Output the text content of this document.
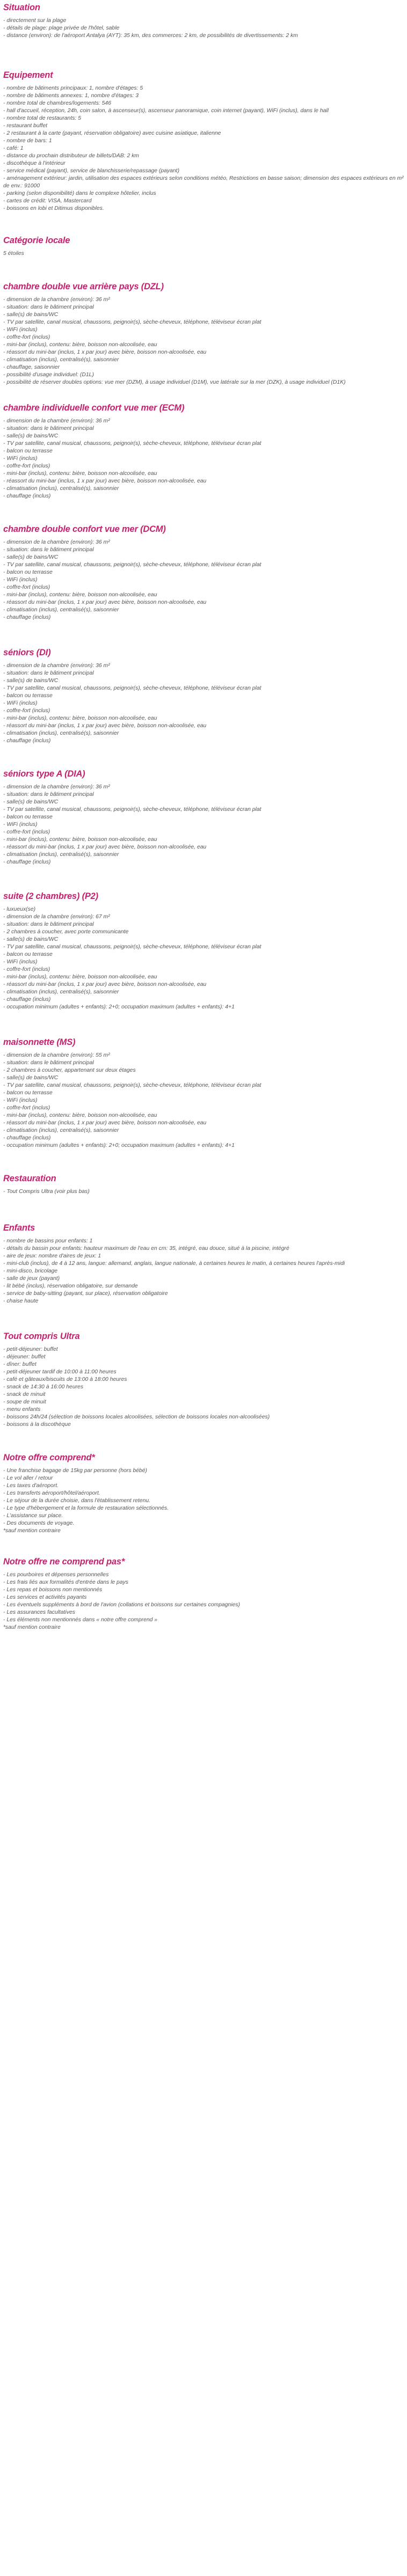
Situation

- directement sur la plage

- détails de plage: plage privée de l'hôtel, sable

- distance (environ): de l'aéroport Antalya (AYT): 35 km, des commerces: 2 km, de possibilités de divertissements: 2 km

Equipement

- nombre de bâtiments principaux: 1, nombre d'étages: 5

- nombre de bâtiments annexes: 1, nombre d'étages: 3

- nombre total de chambres/logements: 546

- hall d'accueil, réception, 24h, coin salon, à ascenseur(s), ascenseur panoramique, coin internet (payant), WiFi (inclus), dans le hall

- nombre total de restaurants: 5

- restaurant buffet

- 2 restaurant à la carte (payant, réservation obligatoire) avec cuisine asiatique, italienne

- nombre de bars: 1

- café: 1

- distance du prochain distributeur de billets/DAB: 2 km

- discothèque à l'intérieur

- service médical (payant), service de blanchisserie/repassage (payant)

- aménagement extérieur: jardin, utilisation des espaces extérieurs selon conditions météo, Restrictions en basse saison; dimension des espaces extérieurs en m² de env.: 91000

- parking (selon disponibilité) dans le complexe hôtelier, inclus

- cartes de crédit: VISA, Mastercard

- boissons en lobi et Ditimus disponibles.

Catégorie locale

5 étoiles

chambre double vue arrière pays (DZL)

- dimension de la chambre (environ): 36 m²

- situation: dans le bâtiment principal

- salle(s) de bains/WC

- TV par satellite, canal musical, chaussons, peignoir(s), sèche-cheveux, téléphone, téléviseur écran plat

- WiFi (inclus)

- coffre-fort (inclus)

- mini-bar (inclus), contenu: bière, boisson non-alcoolisée, eau

- réassort du mini-bar (inclus, 1 x par jour) avec bière, boisson non-alcoolisée, eau

- climatisation (inclus), centralisé(s), saisonnier

- chauffage, saisonnier

- possibilité d'usage individuel: (D1L)

- possibilité de réserver doubles options: vue mer (DZM), à usage individuel (D1M), vue latérale sur la mer (DZK), à usage individuel (D1K)

chambre individuelle confort vue mer (ECM)

- dimension de la chambre (environ): 36 m²

- situation: dans le bâtiment principal

- salle(s) de bains/WC

- TV par satellite, canal musical, chaussons, peignoir(s), sèche-cheveux, téléphone, téléviseur écran plat

- balcon ou terrasse

- WiFi (inclus)

- coffre-fort (inclus)

- mini-bar (inclus), contenu: bière, boisson non-alcoolisée, eau

- réassort du mini-bar (inclus, 1 x par jour) avec bière, boisson non-alcoolisée, eau

- climatisation (inclus), centralisé(s), saisonnier

- chauffage (inclus)

chambre double confort vue mer (DCM)

- dimension de la chambre (environ): 36 m²

- situation: dans le bâtiment principal

- salle(s) de bains/WC

- TV par satellite, canal musical, chaussons, peignoir(s), sèche-cheveux, téléphone, téléviseur écran plat

- balcon ou terrasse

- WiFi (inclus)

- coffre-fort (inclus)

- mini-bar (inclus), contenu: bière, boisson non-alcoolisée, eau

- réassort du mini-bar (inclus, 1 x par jour) avec bière, boisson non-alcoolisée, eau

- climatisation (inclus), centralisé(s), saisonnier

- chauffage (inclus)

séniors (DI)

- dimension de la chambre (environ): 36 m²

- situation: dans le bâtiment principal

- salle(s) de bains/WC

- TV par satellite, canal musical, chaussons, peignoir(s), sèche-cheveux, téléphone, téléviseur écran plat

- balcon ou terrasse

- WiFi (inclus)

- coffre-fort (inclus)

- mini-bar (inclus), contenu: bière, boisson non-alcoolisée, eau

- réassort du mini-bar (inclus, 1 x par jour) avec bière, boisson non-alcoolisée, eau

- climatisation (inclus), centralisé(s), saisonnier

- chauffage (inclus)

séniors type A (DIA)

- dimension de la chambre (environ): 36 m²

- situation: dans le bâtiment principal

- salle(s) de bains/WC

- TV par satellite, canal musical, chaussons, peignoir(s), sèche-cheveux, téléphone, téléviseur écran plat

- balcon ou terrasse

- WiFi (inclus)

- coffre-fort (inclus)

- mini-bar (inclus), contenu: bière, boisson non-alcoolisée, eau

- réassort du mini-bar (inclus, 1 x par jour) avec bière, boisson non-alcoolisée, eau

- climatisation (inclus), centralisé(s), saisonnier

- chauffage (inclus)

suite (2 chambres) (P2)

- luxueux(se)

- dimension de la chambre (environ): 67 m²

- situation: dans le bâtiment principal

- 2 chambres à coucher, avec porte communicante

- salle(s) de bains/WC

- TV par satellite, canal musical, chaussons, peignoir(s), sèche-cheveux, téléphone, téléviseur écran plat

- balcon ou terrasse

- WiFi (inclus)

- coffre-fort (inclus)

- mini-bar (inclus), contenu: bière, boisson non-alcoolisée, eau

- réassort du mini-bar (inclus, 1 x par jour) avec bière, boisson non-alcoolisée, eau

- climatisation (inclus), centralisé(s), saisonnier

- chauffage (inclus)

- occupation minimum (adultes + enfants): 2+0; occupation maximum (adultes + enfants): 4+1

maisonnette (MS)

- dimension de la chambre (environ): 55 m²

- situation: dans le bâtiment principal

- 2 chambres à coucher, appartenant sur deux étages

- salle(s) de bains/WC

- TV par satellite, canal musical, chaussons, peignoir(s), sèche-cheveux, téléphone, téléviseur écran plat

- balcon ou terrasse

- WiFi (inclus)

- coffre-fort (inclus)

- mini-bar (inclus), contenu: bière, boisson non-alcoolisée, eau

- réassort du mini-bar (inclus, 1 x par jour) avec bière, boisson non-alcoolisée, eau

- climatisation (inclus), centralisé(s), saisonnier

- chauffage (inclus)

- occupation minimum (adultes + enfants): 2+0; occupation maximum (adultes + enfants): 4+1

Restauration

- Tout Compris Ultra (voir plus bas)

Enfants

- nombre de bassins pour enfants: 1

- détails du bassin pour enfants: hauteur maximum de l'eau en cm: 35, intégré, eau douce, situé à la piscine, intégré

- aire de jeux: nombre d'aires de jeux: 1

- mini-club (inclus), de 4 à 12 ans, langue: allemand, anglais, langue nationale, à certaines heures le matin, à certaines heures l'après-midi

- mini-disco, bricolage

- salle de jeux (payant)

- lit bébé (inclus), réservation obligatoire, sur demande

- service de baby-sitting (payant, sur place), réservation obligatoire

- chaise haute

Tout compris Ultra

- petit-déjeuner: buffet

- déjeuner: buffet

- dîner: buffet

- petit-déjeuner tardif de 10:00 à 11:00 heures

- café et gâteaux/biscuits de 13:00 à 18:00 heures

- snack de 14:30 à 16:00 heures

- snack de minuit

- soupe de minuit

- menu enfants

- boissons 24h/24 (sélection de boissons locales alcoolisées, sélection de boissons locales non-alcoolisées)

- boissons à la discothèque

Notre offre comprend*

- Une franchise bagage de 15kg par personne (hors bébé)

- Le vol aller / retour

- Les taxes d'aéroport.

- Les transferts aéroport/hôtel/aéroport.

- Le séjour de la durée choisie, dans l'établissement retenu.

- Le type d'hébergement et la formule de restauration sélectionnés.

- L'assistance sur place.

- Des documents de voyage.

*sauf mention contraire

Notre offre ne comprend pas*

- Les pourboires et dépenses personnelles

- Les frais liés aux formalités d'entrée dans le pays

- Les repas et boissons non mentionnés

- Les services et activités payants

- Les éventuels suppléments à bord de l'avion (collations et boissons sur certaines compagnies)

- Les assurances facultatives

- Les éléments non mentionnés dans « notre offre comprend »

*sauf mention contraire
